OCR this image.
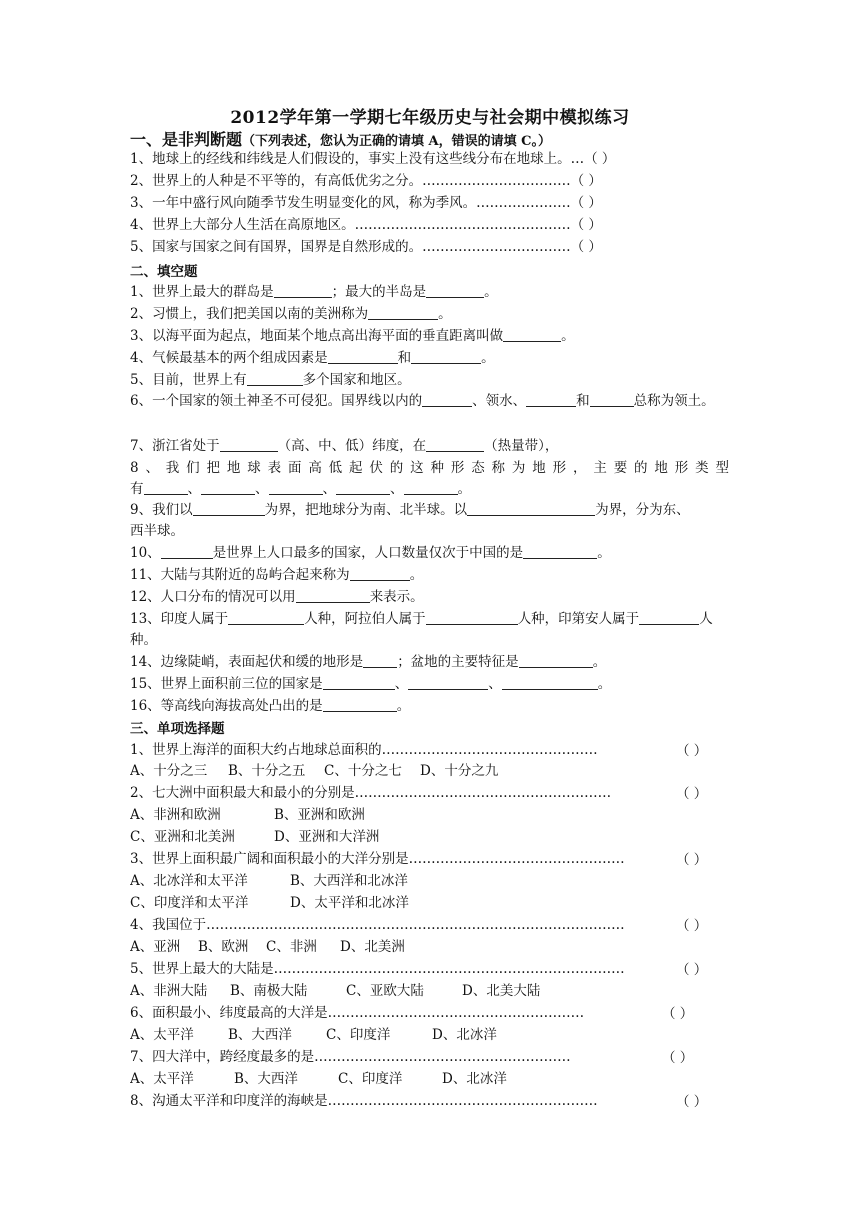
2012学年第一学期七年级历史与社会期中模拟练习
一、是非判断题（下列表述，您认为正确的请填 A，错误的请填 C。）
1、地球上的经线和纬线是人们假设的，事实上没有这些线分布在地球上。…（ ）
2、世界上的人种是不平等的，有高低优劣之分。……………………………（ ）
3、一年中盛行风向随季节发生明显变化的风，称为季风。…………………（ ）
4、世界上大部分人生活在高原地区。…………………………………………（ ）
5、国家与国家之间有国界，国界是自然形成的。……………………………（ ）
二、填空题
1、世界上最大的群岛是	；最大的半岛是	。
2、习惯上，我们把美国以南的美洲称为	。
3、以海平面为起点，地面某个地点高出海平面的垂直距离叫做	。
4、气候最基本的两个组成因素是	和	。
5、目前，世界上有	多个国家和地区。
6、一个国家的领土神圣不可侵犯。国界线以内的	、领水、	和	总称为领土。
7、浙江省处于	（高、中、低）纬度，在	（热量带），
8、我们把地球表面高低起伏的这种形态称为地形，主要的地形类型
有	、	、	、	、	。
9、我们以	为界，把地球分为南、北半球。以	为界，分为东、
西半球。
10、	是世界上人口最多的国家，人口数量仅次于中国的是	。
11、大陆与其附近的岛屿合起来称为	。
12、人口分布的情况可以用	来表示。
13、印度人属于	人种，阿拉伯人属于	人种，印第安人属于	人
种。
14、边缘陡峭，表面起伏和缓的地形是	；盆地的主要特征是	。
15、世界上面积前三位的国家是	、	、	。
16、等高线向海拔高处凸出的是	。
三、单项选择题
1、世界上海洋的面积大约占地球总面积的…………………………………………	（ ）
A、十分之三 B、十分之五 C、十分之七 D、十分之九
2、七大洲中面积最大和最小的分别是…………………………………………………	（ ）
A、非洲和欧洲	B、亚洲和欧洲
C、亚洲和北美洲	D、亚洲和大洋洲
3、世界上面积最广阔和面积最小的大洋分别是…………………………………………	（ ）
A、北冰洋和太平洋	B、大西洋和北冰洋
C、印度洋和太平洋	D、太平洋和北冰洋
4、我国位于…………………………………………………………………………………	（ ）
A、亚洲 B、欧洲 C、非洲 D、北美洲
5、世界上最大的大陆是……………………………………………………………………	（ ）
A、非洲大陆 B、南极大陆	C、亚欧大陆	D、北美大陆
6、面积最小、纬度最高的大洋是…………………………………………………	（ ）
A、太平洋	B、大西洋	C、印度洋	D、北冰洋
7、四大洋中，跨经度最多的是…………………………………………………	（ ）
A、太平洋	B、大西洋	C、印度洋	D、北冰洋
8、沟通太平洋和印度洋的海峡是……………………………………………………	（ ）
